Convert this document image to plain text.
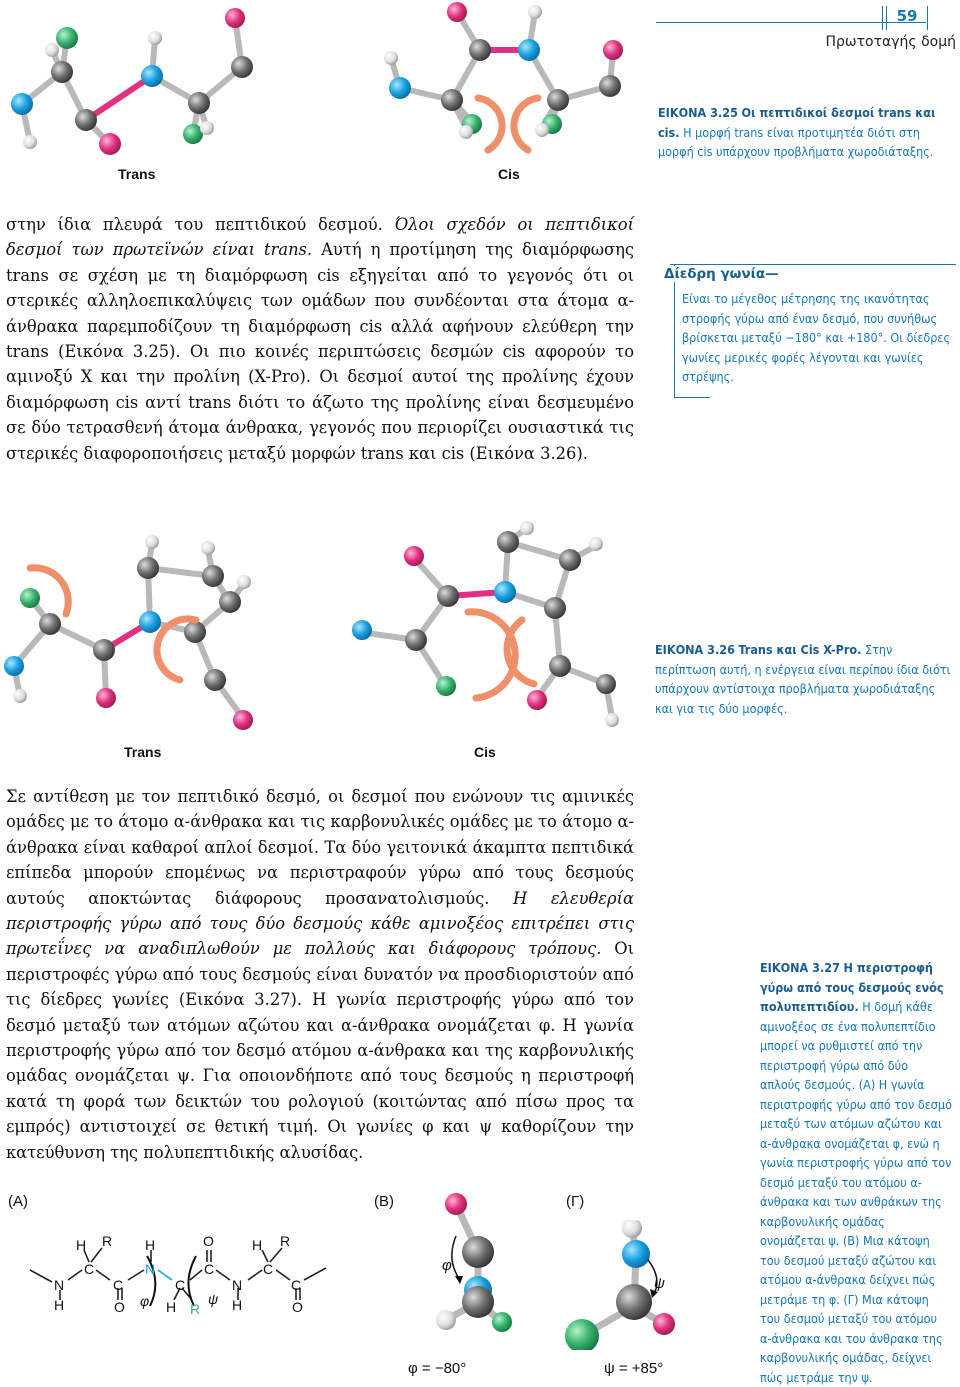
59
Πρωτοταγής δομή
Trans	Cis
ΕΙΚΟΝΑ 3.25 Οι πεπτιδικοί δεσμοί trans και cis. Η μορφή trans είναι προτιμητέα διότι στη μορφή cis υπάρχουν προβλήματα χωροδιάταξης.
στην ίδια πλευρά του πεπτιδικού δεσμού. Όλοι σχεδόν οι πεπτιδικοί δεσμοί των πρωτεϊνών είναι trans. Αυτή η προτίμηση της διαμόρφωσης trans σε σχέση με τη διαμόρφωση cis εξηγείται από το γεγονός ότι οι στερικές αλληλοεπικαλύψεις των ομάδων που συνδέονται στα άτομα α-άνθρακα παρεμποδίζουν τη διαμόρφωση cis αλλά αφήνουν ελεύθερη την trans (Εικόνα 3.25). Οι πιο κοινές περιπτώσεις δεσμών cis αφορούν το αμινοξύ X και την προλίνη (X-Pro). Οι δεσμοί αυτοί της προλίνης έχουν διαμόρφωση cis αντί trans διότι το άζωτο της προλίνης είναι δεσμευμένο σε δύο τετρασθενή άτομα άνθρακα, γεγονός που περιορίζει ουσιαστικά τις στερικές διαφοροποιήσεις μεταξύ μορφών trans και cis (Εικόνα 3.26).
Δίεδρη γωνία—
Είναι το μέγεθος μέτρησης της ικανότητας στροφής γύρω από έναν δεσμό, που συνήθως βρίσκεται μεταξύ −180° και +180°. Οι δίεδρες γωνίες μερικές φορές λέγονται και γωνίες στρέψης.
Trans	Cis
ΕΙΚΟΝΑ 3.26 Trans και Cis X-Pro. Στην περίπτωση αυτή, η ενέργεια είναι περίπου ίδια διότι υπάρχουν αντίστοιχα προβλήματα χωροδιάταξης και για τις δύο μορφές.
Σε αντίθεση με τον πεπτιδικό δεσμό, οι δεσμοί που ενώνουν τις αμινικές ομάδες με το άτομο α-άνθρακα και τις καρβονυλικές ομάδες με το άτομο α-άνθρακα είναι καθαροί απλοί δεσμοί. Τα δύο γειτονικά άκαμπτα πεπτιδικά επίπεδα μπορούν επομένως να περιστραφούν γύρω από τους δεσμούς αυτούς αποκτώντας διάφορους προσανατολισμούς. Η ελευθερία περιστροφής γύρω από τους δύο δεσμούς κάθε αμινοξέος επιτρέπει στις πρωτεΐνες να αναδιπλωθούν με πολλούς και διάφορους τρόπους. Οι περιστροφές γύρω από τους δεσμούς είναι δυνατόν να προσδιοριστούν από τις δίεδρες γωνίες (Εικόνα 3.27). Η γωνία περιστροφής γύρω από τον δεσμό μεταξύ των ατόμων αζώτου και α-άνθρακα ονομάζεται φ. Η γωνία περιστροφής γύρω από τον δεσμό ατόμου α-άνθρακα και της καρβονυλικής ομάδας ονομάζεται ψ. Για οποιονδήποτε από τους δεσμούς η περιστροφή κατά τη φορά των δεικτών του ρολογιού (κοιτώντας από πίσω προς τα εμπρός) αντιστοιχεί σε θετική τιμή. Οι γωνίες φ και ψ καθορίζουν την κατεύθυνση της πολυπεπτιδικής αλυσίδας.
ΕΙΚΟΝΑ 3.27 Η περιστροφή γύρω από τους δεσμούς ενός πολυπεπτιδίου. Η δομή κάθε αμινοξέος σε ένα πολυπεπτίδιο μπορεί να ρυθμιστεί από την περιστροφή γύρω από δύο απλούς δεσμούς. (A) Η γωνία περιστροφής γύρω από τον δεσμό μεταξύ των ατόμων αζώτου και α-άνθρακα ονομάζεται φ, ενώ η γωνία περιστροφής γύρω από τον δεσμό μεταξύ του ατόμου α-άνθρακα και των ανθράκων της καρβονυλικής ομάδας ονομάζεται ψ. (Β) Μια κάτοψη του δεσμού μεταξύ αζώτου και ατόμου α-άνθρακα δείχνει πώς μετράμε τη φ. (Γ) Μια κάτοψη του δεσμού μεταξύ του ατόμου α-άνθρακα και του άνθρακα της καρβονυλικής ομάδας, δείχνει πώς μετράμε την ψ.
(A)	(B)	(Γ)
H R
N
C
C
H	O
H
N
C
O
C
H R
N
H
H R
C
C
O
φ	ψ
φ
φ = −80°
ψ
ψ = +85°
